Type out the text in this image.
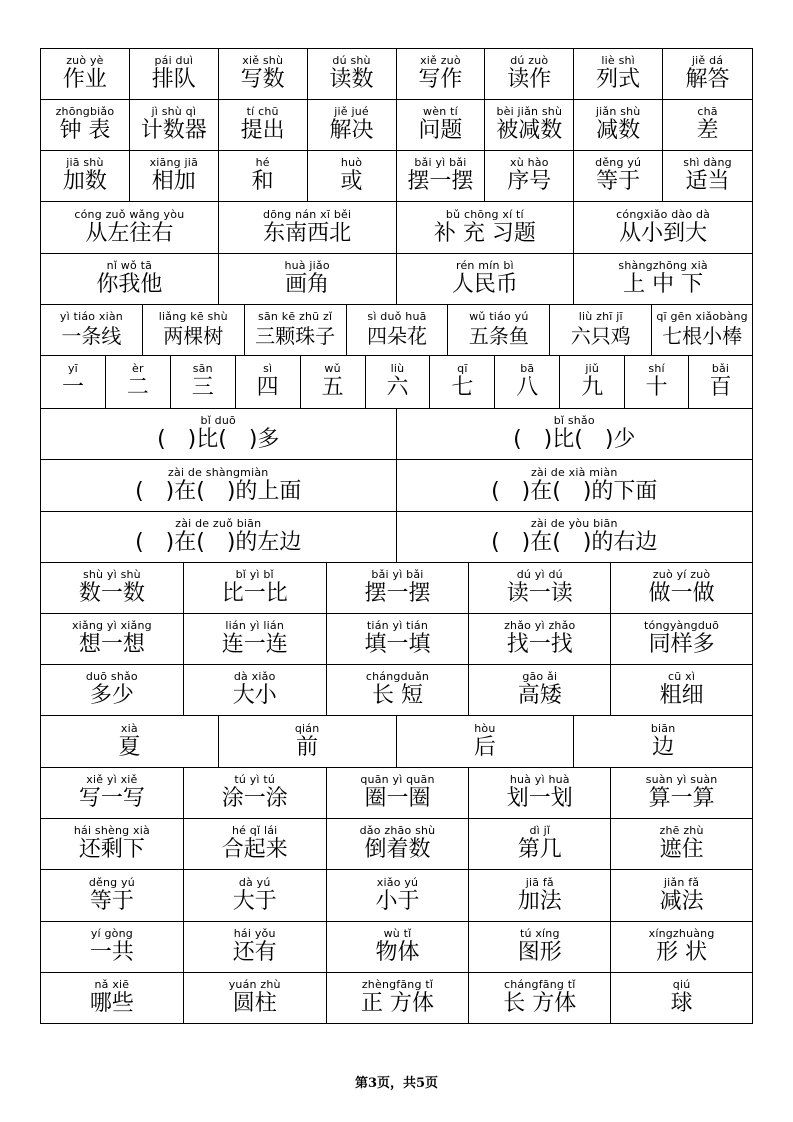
zuò yè
作业
pái duì
排队
xiě shù
写数
dú shù
读数
xiě zuò
写作
dú zuò
读作
liè shì
列式
jiě dá
解答
zhōngbiǎo
钟 表
jì shù qì
计数器
tí chū
提出
jiě jué
解决
wèn tí
问题
bèi jiǎn shù
被减数
jiǎn shù
减数
chā
差
jiā shù
加数
xiāng jiā
相加
hé
和
huò
或
bǎi yì bǎi
摆一摆
xù hào
序号
děng yú
等于
shì dàng
适当
cóng zuǒ wǎng yòu
从左往右
dōng nán xī běi
东南西北
bǔ chōng xí tí
补 充 习题
cóngxiǎo dào dà
从小到大
nǐ wǒ tā
你我他
huà jiǎo
画角
rén mín bì
人民币
shàngzhōng xià
上 中 下
yì tiáo xiàn
一条线
liǎng kē shù
两棵树
sān kē zhū zǐ
三颗珠子
sì duǒ huā
四朵花
wǔ tiáo yú
五条鱼
liù zhī jī
六只鸡
qī gēn xiǎobàng
七根小棒
yī
一
èr
二
sān
三
sì
四
wǔ
五
liù
六
qī
七
bā
八
jiǔ
九
shí
十
bǎi
百
bǐ duō
(　)比(　)多
bǐ shǎo
(　)比(　)少
zài de shàngmiàn
(　)在(　)的上面
zài de xià miàn
(　)在(　)的下面
zài de zuǒ biān
(　)在(　)的左边
zài de yòu biān
(　)在(　)的右边
shù yì shù
数一数
bǐ yì bǐ
比一比
bǎi yì bǎi
摆一摆
dú yì dú
读一读
zuò yí zuò
做一做
xiǎng yì xiǎng
想一想
lián yì lián
连一连
tián yì tián
填一填
zhǎo yì zhǎo
找一找
tóngyàngduō
同样多
duō shǎo
多少
dà xiǎo
大小
chángduǎn
长 短
gāo ǎi
高矮
cū xì
粗细
xià
夏
qián
前
hòu
后
biān
边
xiě yì xiě
写一写
tú yì tú
涂一涂
quān yì quān
圈一圈
huà yì huà
划一划
suàn yì suàn
算一算
hái shèng xià
还剩下
hé qǐ lái
合起来
dǎo zhāo shù
倒着数
dì jǐ
第几
zhē zhù
遮住
děng yú
等于
dà yú
大于
xiǎo yú
小于
jiā fǎ
加法
jiǎn fǎ
减法
yí gòng
一共
hái yǒu
还有
wù tǐ
物体
tú xíng
图形
xíngzhuàng
形 状
nǎ xiē
哪些
yuán zhù
圆柱
zhèngfāng tǐ
正 方体
chángfāng tǐ
长 方体
qiú
球
第3页，共5页
